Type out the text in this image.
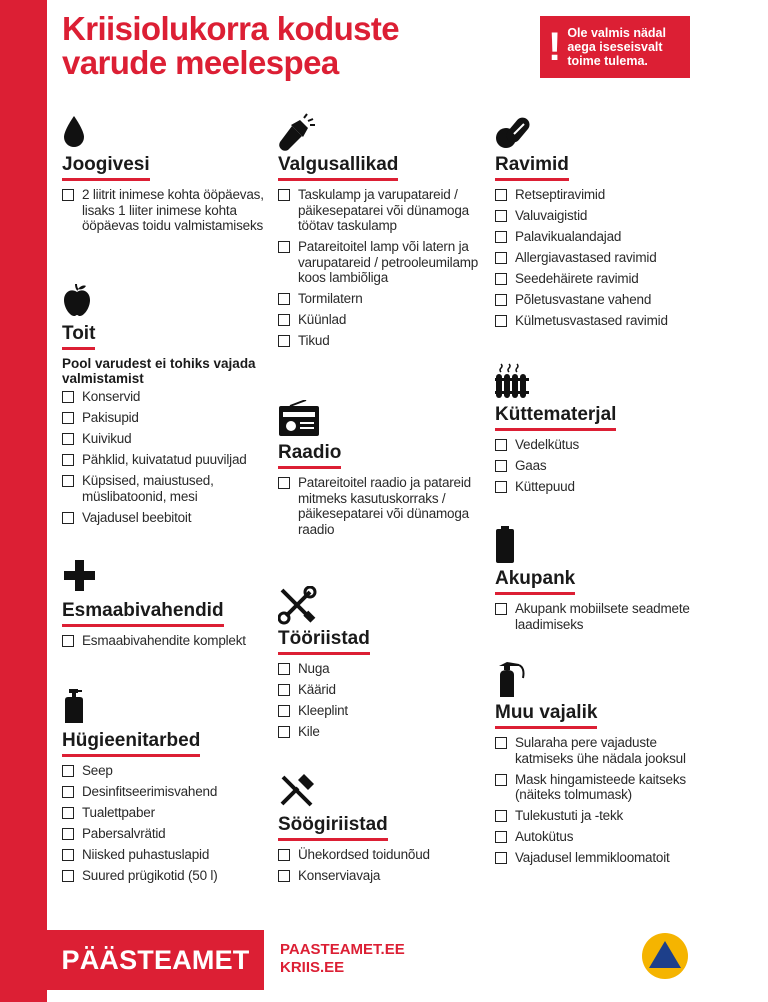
Kriisiolukorra koduste
varude meelespea	! Ole valmis nädal aega iseseisvalt toime tulema.
Joogivesi
2 liitrit inimese kohta ööpäevas, lisaks 1 liiter inimese kohta ööpäevas toidu valmistamiseks
Toit
Pool varudest ei tohiks vajada valmistamist
Konservid
Pakisupid
Kuivikud
Pähklid, kuivatatud puuviljad
Küpsised, maiustused, müslibatoonid, mesi
Vajadusel beebitoit
Esmaabivahendid
Esmaabivahendite komplekt
Hügieenitarbed
Seep
Desinfitseerimisvahend
Tualettpaber
Pabersalvrätid
Niisked puhastuslapid
Suured prügikotid (50 l)
Valgusallikad
Taskulamp ja varupatareid / päikesepatarei või dünamoga töötav taskulamp
Patareitoitel lamp või latern ja varupatareid / petrooleumilamp koos lambiõliga
Tormilatern
Küünlad
Tikud
Raadio
Patareitoitel raadio ja patareid mitmeks kasutuskorraks / päikesepatarei või dünamoga raadio
Tööriistad
Nuga
Käärid
Kleeplint
Kile
Söögiriistad
Ühekordsed toidunõud
Konserviavaja
Ravimid
Retseptiravimid
Valuvaigistid
Palavikualandajad
Allergiavastased ravimid
Seedehäirete ravimid
Põletusvastane vahend
Külmetusvastased ravimid
Küttematerjal
Vedelkütus
Gaas
Küttepuud
Akupank
Akupank mobiilsete seadmete laadimiseks
Muu vajalik
Sularaha pere vajaduste katmiseks ühe nädala jooksul
Mask hingamisteede kaitseks (näiteks tolmumask)
Tulekustuti ja -tekk
Autokütus
Vajadusel lemmikloomatoit
PÄÄSTEAMET	PAASTEAMET.EE
KRIIS.EE
